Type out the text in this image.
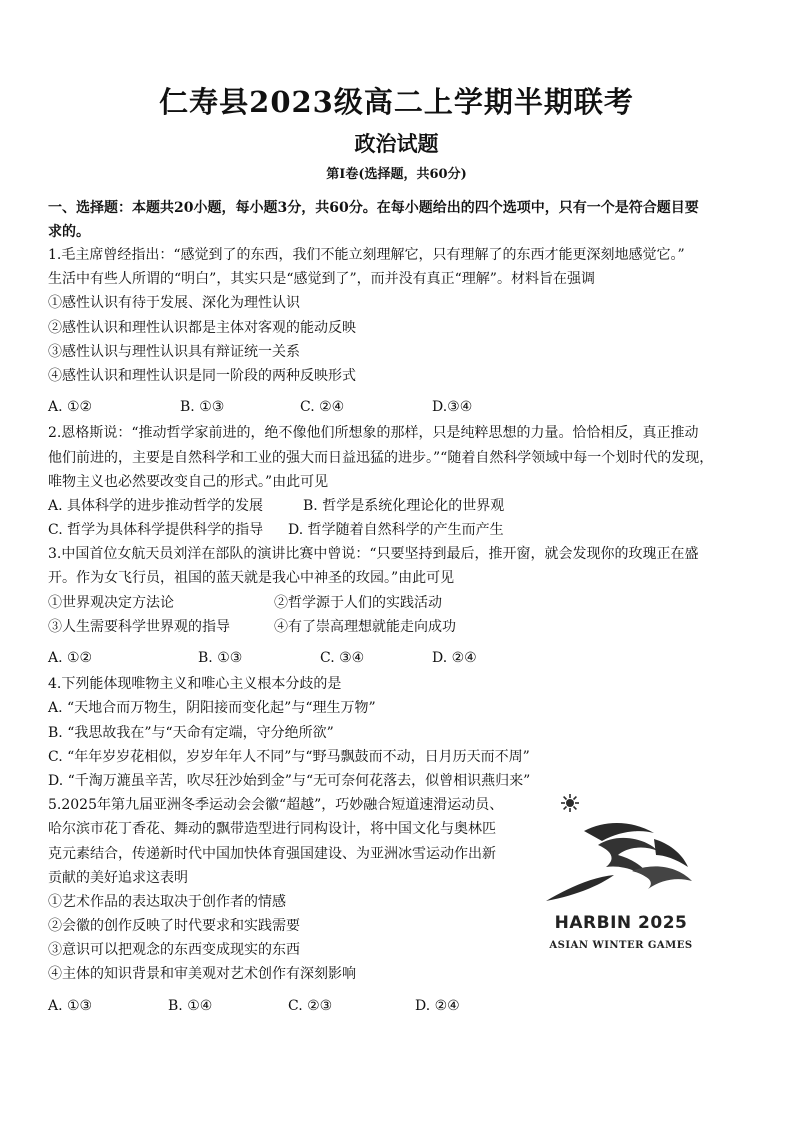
仁寿县2023级高二上学期半期联考
政治试题
第Ⅰ卷(选择题，共60分)
一、选择题：本题共20小题，每小题3分，共60分。在每小题给出的四个选项中，只有一个是符合题目要
求的。
1.毛主席曾经指出：“感觉到了的东西，我们不能立刻理解它，只有理解了的东西才能更深刻地感觉它。”
生活中有些人所谓的“明白”，其实只是“感觉到了”，而并没有真正“理解”。材料旨在强调
①感性认识有待于发展、深化为理性认识
②感性认识和理性认识都是主体对客观的能动反映
③感性认识与理性认识具有辩证统一关系
④感性认识和理性认识是同一阶段的两种反映形式
A. ①②	B. ①③	C. ②④	D.③④
2.恩格斯说：“推动哲学家前进的，绝不像他们所想象的那样，只是纯粹思想的力量。恰恰相反，真正推动
他们前进的，主要是自然科学和工业的强大而日益迅猛的进步。”“随着自然科学领域中每一个划时代的发现，
唯物主义也必然要改变自己的形式。”由此可见
A. 具体科学的进步推动哲学的发展	B. 哲学是系统化理论化的世界观
C. 哲学为具体科学提供科学的指导	D. 哲学随着自然科学的产生而产生
3.中国首位女航天员刘洋在部队的演讲比赛中曾说：“只要坚持到最后，推开窗，就会发现你的玫瑰正在盛
开。作为女飞行员，祖国的蓝天就是我心中神圣的玫园。”由此可见
①世界观决定方法论	②哲学源于人们的实践活动
③人生需要科学世界观的指导	④有了崇高理想就能走向成功
A. ①②	B. ①③	C. ③④	D. ②④
4.下列能体现唯物主义和唯心主义根本分歧的是
A. “天地合而万物生，阴阳接而变化起”与“理生万物”
B. “我思故我在”与“天命有定端，守分绝所欲”
C. “年年岁岁花相似，岁岁年年人不同”与“野马飘鼓而不动，日月历天而不周”
D. “千淘万漉虽辛苦，吹尽狂沙始到金”与“无可奈何花落去，似曾相识燕归来”
5.2025年第九届亚洲冬季运动会会徽“超越”，巧妙融合短道速滑运动员、
哈尔滨市花丁香花、舞动的飘带造型进行同构设计，将中国文化与奥林匹
克元素结合，传递新时代中国加快体育强国建设、为亚洲冰雪运动作出新
贡献的美好追求这表明
①艺术作品的表达取决于创作者的情感
②会徽的创作反映了时代要求和实践需要
③意识可以把观念的东西变成现实的东西
④主体的知识背景和审美观对艺术创作有深刻影响
HARBIN 2025
ASIAN WINTER GAMES
A. ①③	B. ①④	C. ②③	D. ②④
